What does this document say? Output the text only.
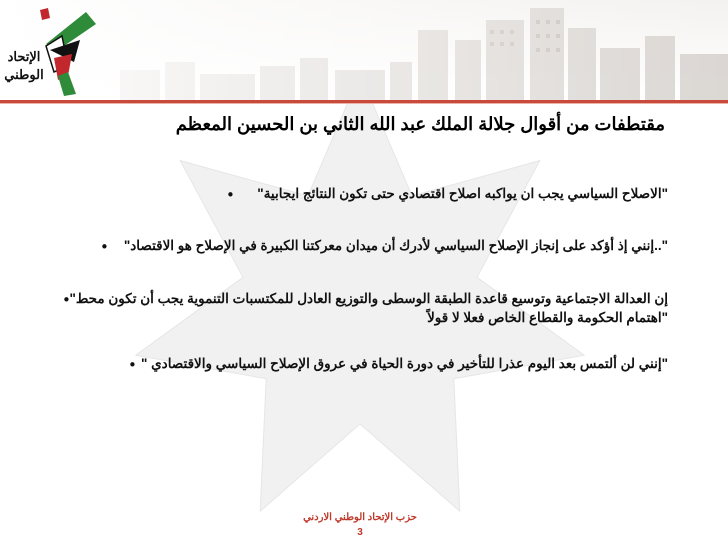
الإتحاد
الوطني
مقتطفات من أقوال جلالة الملك عبد الله الثاني بن الحسين المعظم
"الاصلاح السياسي يجب ان يواكبه اصلاح اقتصادي حتى تكون النتائج ايجابية"
•
"..إنني إذ أؤكد على إنجاز الإصلاح السياسي لأدرك أن ميدان معركتنا الكبيرة في الإصلاح هو الاقتصاد"
•
إن العدالة الاجتماعية وتوسيع قاعدة الطبقة الوسطى والتوزيع العادل للمكتسبات التنموية يجب أن تكون محط"
•
"اهتمام الحكومة والقطاع الخاص فعلا لا قولاً
"إنني لن ألتمس بعد اليوم عذرا للتأخير في دورة الحياة في عروق الإصلاح السياسي والاقتصادي "
•
حزب الإتحاد الوطني الاردني
3
